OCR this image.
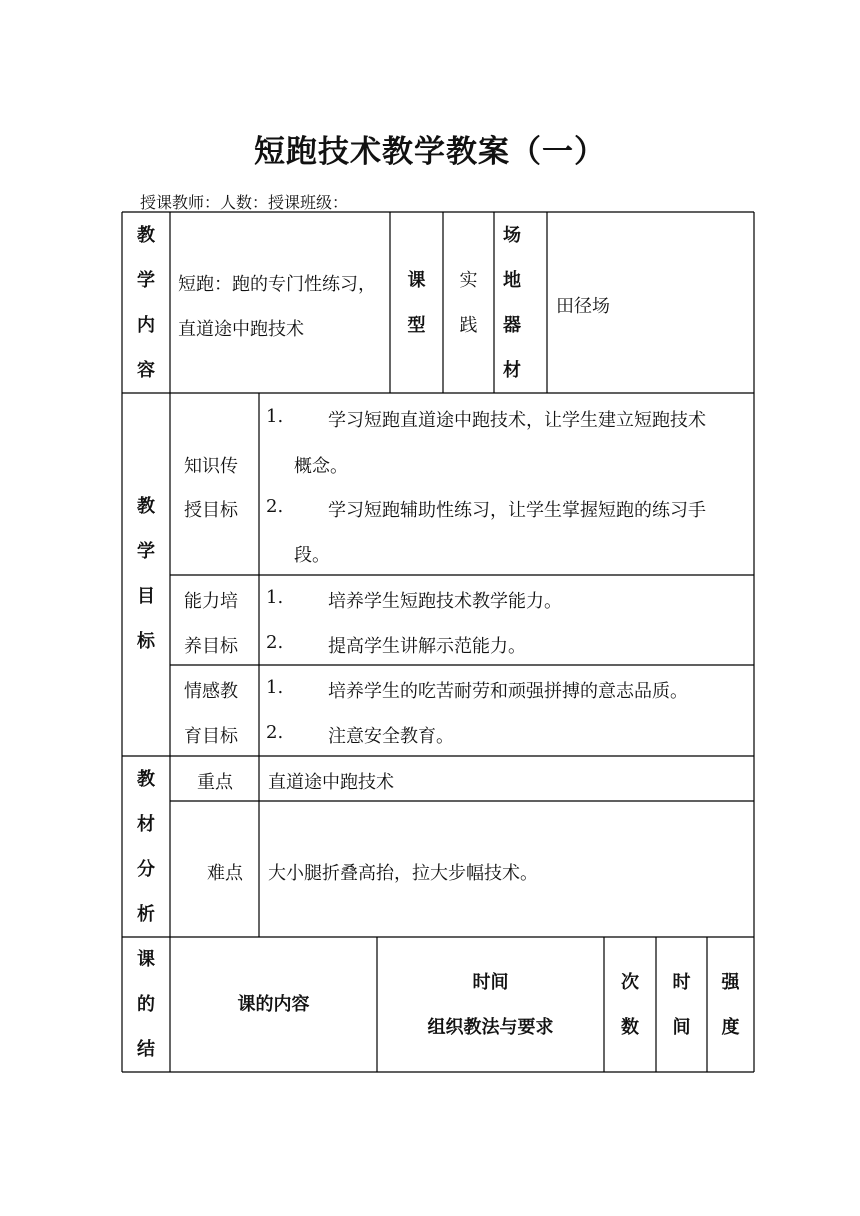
短跑技术教学教案（一）
授课教师：人数：授课班级：
教
学
内
容
短跑：跑的专门性练习，
直道途中跑技术
课
型
实
践
场
地
器
材
田径场
教
学
目
标
知识传
授目标
1. 学习短跑直道途中跑技术，让学生建立短跑技术
概念。
2. 学习短跑辅助性练习，让学生掌握短跑的练习手
段。
能力培
养目标
1. 培养学生短跑技术教学能力。
2. 提高学生讲解示范能力。
情感教
育目标
1. 培养学生的吃苦耐劳和顽强拼搏的意志品质。
2. 注意安全教育。
教
材
分
析
重点 直道途中跑技术
难点 大小腿折叠高抬，拉大步幅技术。
课
的
结
课的内容
时间
组织教法与要求
次
数
时
间
强
度
